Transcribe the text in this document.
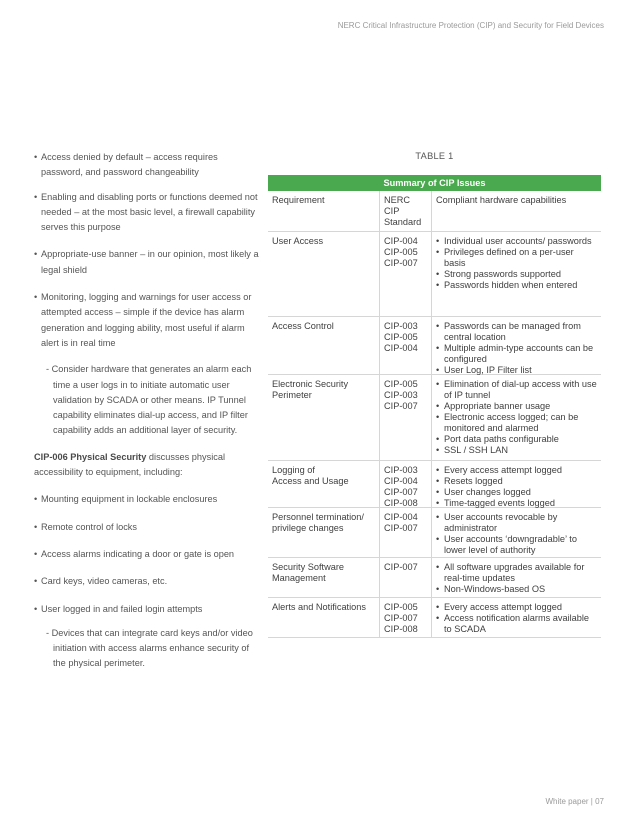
NERC Critical Infrastructure Protection (CIP) and Security for Field Devices

• Access denied by default – access requires password, and password changeability

• Enabling and disabling ports or functions deemed not needed – at the most basic level, a firewall capability serves this purpose

• Appropriate-use banner – in our opinion, most likely a legal shield

• Monitoring, logging and warnings for user access or attempted access – simple if the device has alarm generation and logging ability, most useful if alarm alert is in real time

- Consider hardware that generates an alarm each time a user logs in to initiate automatic user validation by SCADA or other means. IP Tunnel capability eliminates dial-up access, and IP filter capability adds an additional layer of security.

CIP-006 Physical Security discusses physical accessibility to equipment, including:

• Mounting equipment in lockable enclosures

• Remote control of locks

• Access alarms indicating a door or gate is open

• Card keys, video cameras, etc.

• User logged in and failed login attempts

- Devices that can integrate card keys and/or video initiation with access alarms enhance security of the physical perimeter.

TABLE 1
Summary of CIP Issues
Requirement	NERC CIP Standard
Compliant hardware capabilities
User Access	CIP-004
CIP-005
CIP-007
• Individual user accounts/ passwords
• Privileges defined on a per-user basis
• Strong passwords supported
• Passwords hidden when entered
Access Control	CIP-003
CIP-005
CIP-004
• Passwords can be managed from central location
• Multiple admin-type accounts can be configured
• User Log, IP Filter list
Electronic Security Perimeter
CIP-005
CIP-003
CIP-007
• Elimination of dial-up access with use of IP tunnel
• Appropriate banner usage
• Electronic access logged; can be monitored and alarmed
• Port data paths configurable
• SSL / SSH LAN
Logging of
Access and Usage
CIP-003
CIP-004
CIP-007
CIP-008
• Every access attempt logged
• Resets logged
• User changes logged
• Time-tagged events logged
Personnel termination/ privilege changes
CIP-004
CIP-007
• User accounts revocable by administrator
• User accounts ‘downgradable’ to lower level of authority
Security Software Management
CIP-007
•	All software upgrades available for real-time updates
• Non-Windows-based OS
Alerts and Notifications	CIP-005
CIP-007
CIP-008
• Every access attempt logged
• Access notification alarms available to SCADA
White paper | 07
